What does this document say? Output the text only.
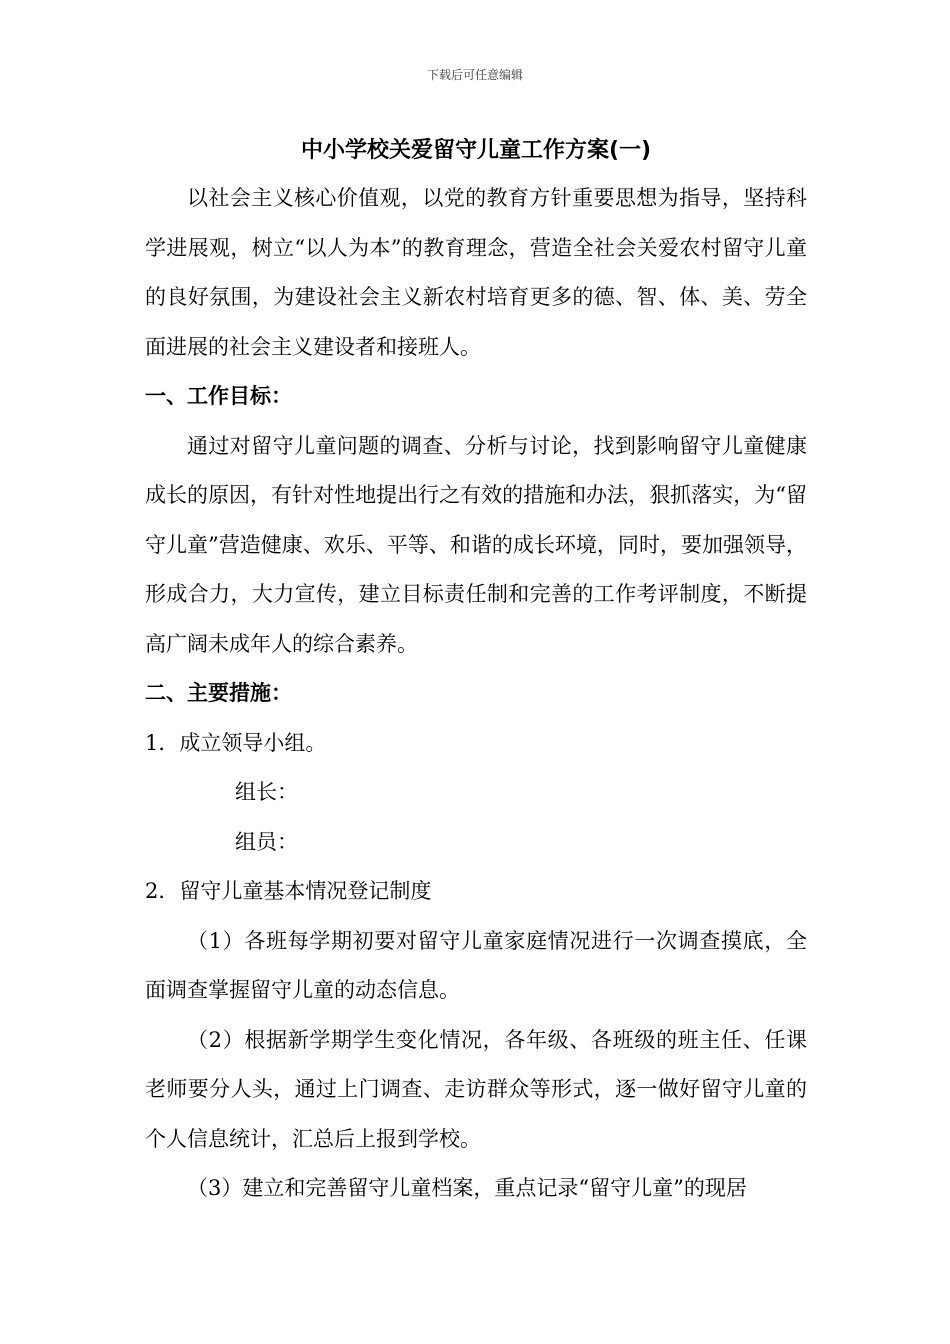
下载后可任意编辑
中小学校关爱留守儿童工作方案(一)

以社会主义核心价值观，以党的教育方针重要思想为指导，坚持科学进展观，树立“以人为本”的教育理念，营造全社会关爱农村留守儿童的良好氛围，为建设社会主义新农村培育更多的德、智、体、美、劳全面进展的社会主义建设者和接班人。

一、工作目标：

通过对留守儿童问题的调查、分析与讨论，找到影响留守儿童健康成长的原因，有针对性地提出行之有效的措施和办法，狠抓落实，为“留守儿童”营造健康、欢乐、平等、和谐的成长环境，同时，要加强领导，形成合力，大力宣传，建立目标责任制和完善的工作考评制度，不断提高广阔未成年人的综合素养。

二、主要措施：

1．成立领导小组。

组长：

组员：

2．留守儿童基本情况登记制度

（1）各班每学期初要对留守儿童家庭情况进行一次调查摸底，全面调查掌握留守儿童的动态信息。

（2）根据新学期学生变化情况，各年级、各班级的班主任、任课老师要分人头，通过上门调查、走访群众等形式，逐一做好留守儿童的个人信息统计，汇总后上报到学校。

（3）建立和完善留守儿童档案，重点记录“留守儿童”的现居
